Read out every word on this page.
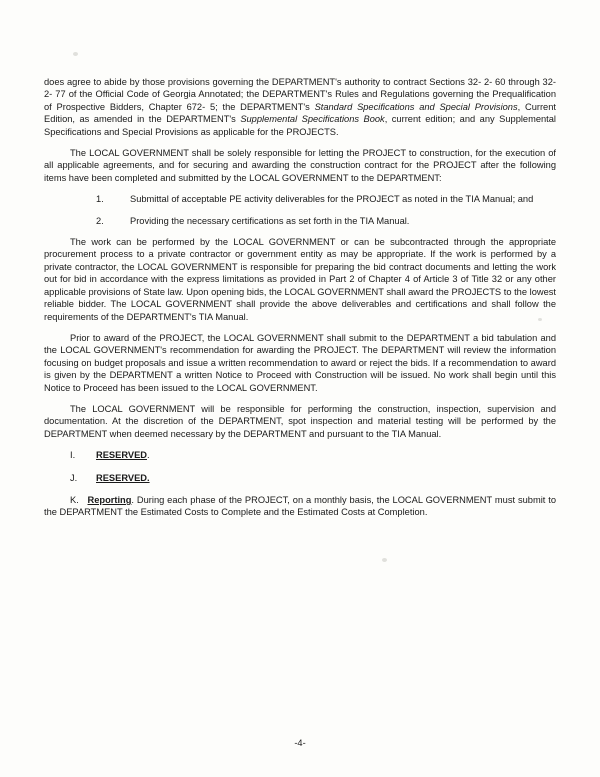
does agree to abide by those provisions governing the DEPARTMENT's authority to contract Sections 32- 2- 60 through 32- 2- 77 of the Official Code of Georgia Annotated; the DEPARTMENT's Rules and Regulations governing the Prequalification of Prospective Bidders, Chapter 672- 5; the DEPARTMENT's Standard Specifications and Special Provisions, Current Edition, as amended in the DEPARTMENT's Supplemental Specifications Book, current edition; and any Supplemental Specifications and Special Provisions as applicable for the PROJECTS.

The LOCAL GOVERNMENT shall be solely responsible for letting the PROJECT to construction, for the execution of all applicable agreements, and for securing and awarding the construction contract for the PROJECT after the following items have been completed and submitted by the LOCAL GOVERNMENT to the DEPARTMENT:

1.	Submittal of acceptable PE activity deliverables for the PROJECT as noted in the TIA Manual; and
2.	Providing the necessary certifications as set forth in the TIA Manual.

The work can be performed by the LOCAL GOVERNMENT or can be subcontracted through the appropriate procurement process to a private contractor or government entity as may be appropriate. If the work is performed by a private contractor, the LOCAL GOVERNMENT is responsible for preparing the bid contract documents and letting the work out for bid in accordance with the express limitations as provided in Part 2 of Chapter 4 of Article 3 of Title 32 or any other applicable provisions of State law. Upon opening bids, the LOCAL GOVERNMENT shall award the PROJECTS to the lowest reliable bidder. The LOCAL GOVERNMENT shall provide the above deliverables and certifications and shall follow the requirements of the DEPARTMENT's TIA Manual.

Prior to award of the PROJECT, the LOCAL GOVERNMENT shall submit to the DEPARTMENT a bid tabulation and the LOCAL GOVERNMENT's recommendation for awarding the PROJECT. The DEPARTMENT will review the information focusing on budget proposals and issue a written recommendation to award or reject the bids. If a recommendation to award is given by the DEPARTMENT a written Notice to Proceed with Construction will be issued. No work shall begin until this Notice to Proceed has been issued to the LOCAL GOVERNMENT.

The LOCAL GOVERNMENT will be responsible for performing the construction, inspection, supervision and documentation. At the discretion of the DEPARTMENT, spot inspection and material testing will be performed by the DEPARTMENT when deemed necessary by the DEPARTMENT and pursuant to the TIA Manual.

I.	RESERVED.
J.	RESERVED.

K. Reporting. During each phase of the PROJECT, on a monthly basis, the LOCAL GOVERNMENT must submit to the DEPARTMENT the Estimated Costs to Complete and the Estimated Costs at Completion.

-4-
